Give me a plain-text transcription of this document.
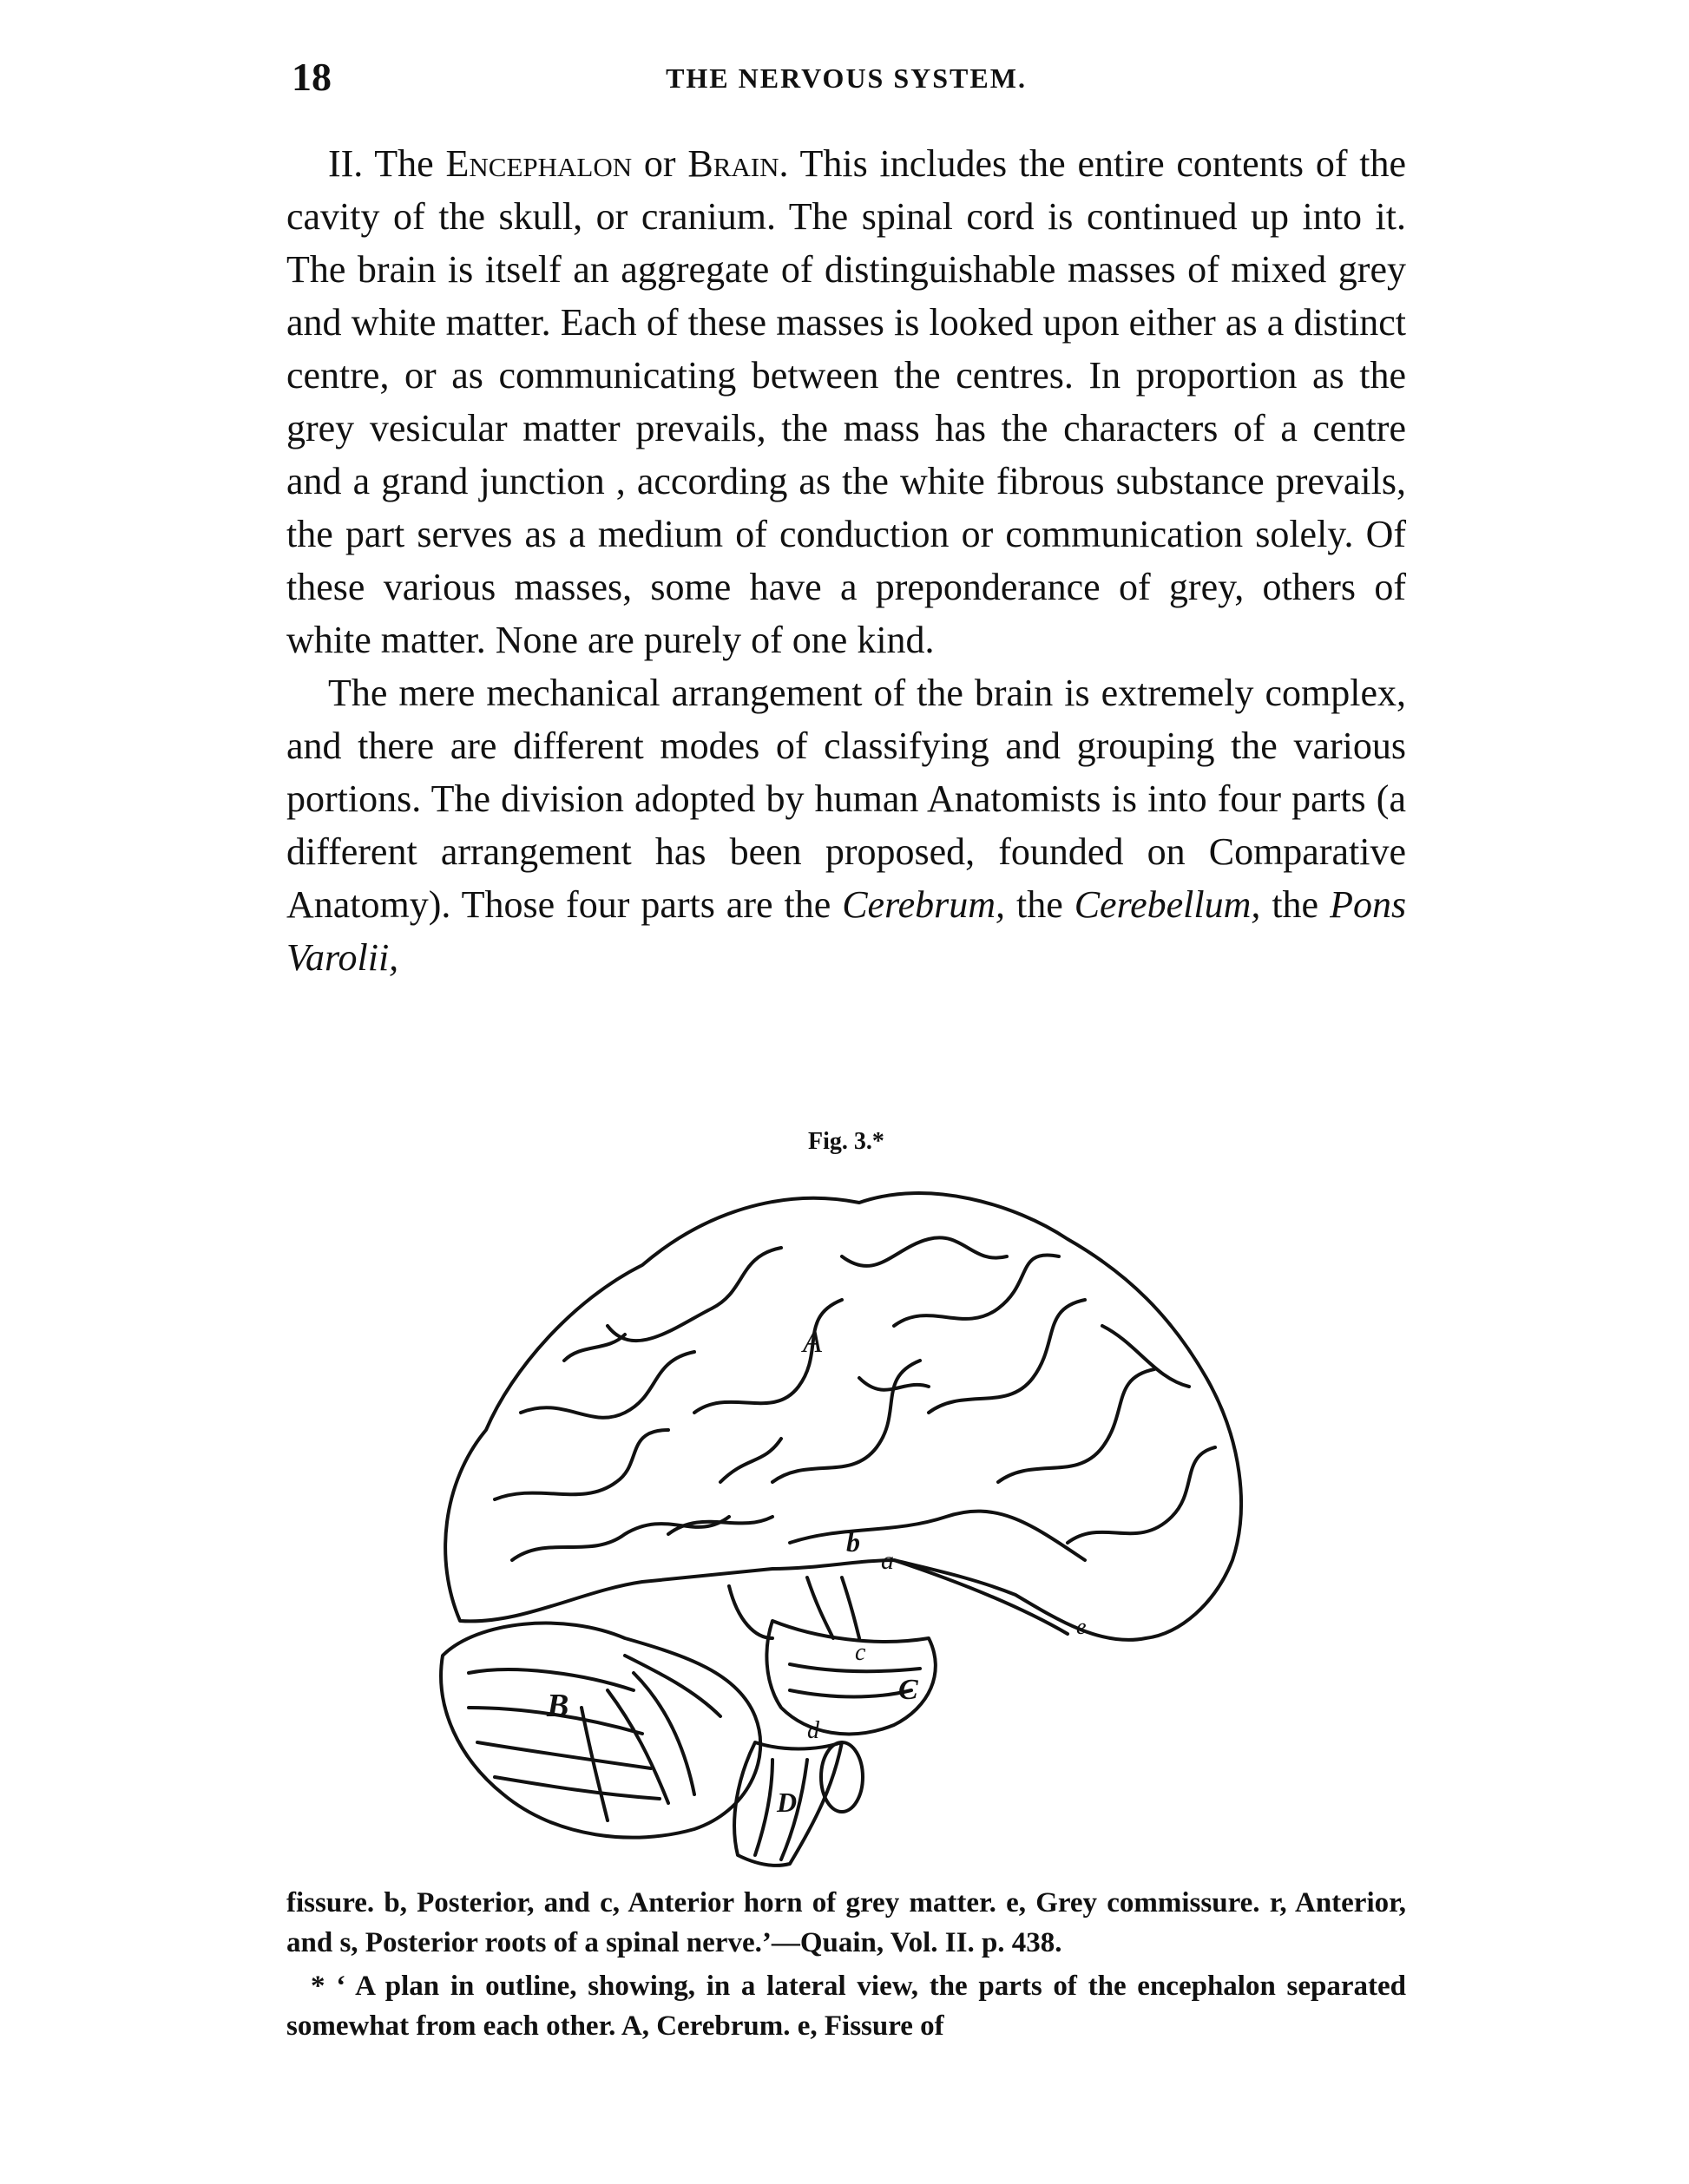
18	THE NERVOUS SYSTEM.

II. The Encephalon or Brain. This includes the entire contents of the cavity of the skull, or cranium. The spinal cord is continued up into it. The brain is itself an aggregate of distinguishable masses of mixed grey and white matter. Each of these masses is looked upon either as a distinct centre, or as communicating between the centres. In proportion as the grey vesicular matter prevails, the mass has the characters of a centre and a grand junction , according as the white fibrous substance prevails, the part serves as a medium of conduction or communication solely. Of these various masses, some have a preponderance of grey, others of white matter. None are purely of one kind.

The mere mechanical arrangement of the brain is extremely complex, and there are different modes of classifying and grouping the various portions. The division adopted by human Anatomists is into four parts (a different arrangement has been proposed, founded on Comparative Anatomy). Those four parts are the Cerebrum, the Cerebellum, the Pons Varolii,

Fig. 3.*
A
B	C
D
a
b
c
d
e

fissure. b, Posterior, and c, Anterior horn of grey matter. e, Grey commissure. r, Anterior, and s, Posterior roots of a spinal nerve.’—Quain, Vol. II. p. 438.

* ‘ A plan in outline, showing, in a lateral view, the parts of the encephalon separated somewhat from each other. A, Cerebrum. e, Fissure of
